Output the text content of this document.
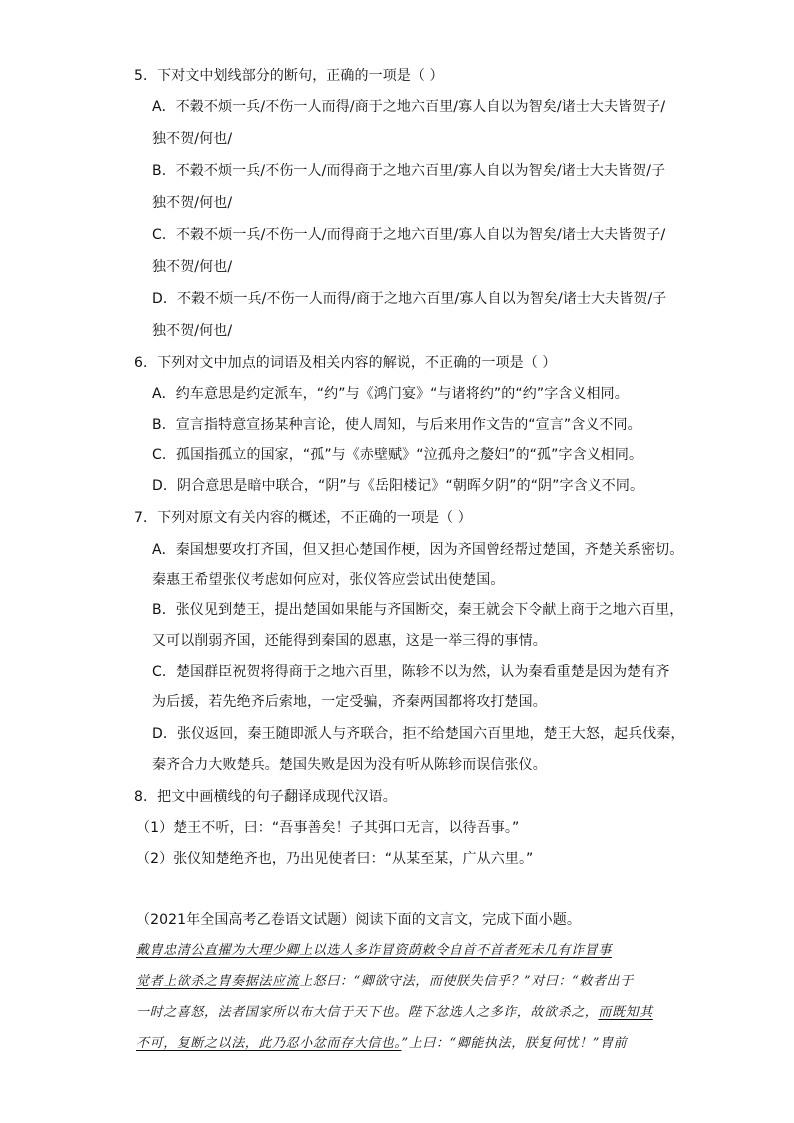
5．下对文中划线部分的断句，正确的一项是（ ）
A．不穀不烦一兵/不伤一人而得/商于之地六百里/寡人自以为智矣/诸士大夫皆贺子/
独不贺/何也/
B．不穀不烦一兵/不伤一人/而得商于之地六百里/寡人自以为智矣/诸士大夫皆贺/子
独不贺/何也/
C．不穀不烦一兵/不伤一人/而得商于之地六百里/寡人自以为智矣/诸士大夫皆贺子/
独不贺/何也/
D．不穀不烦一兵/不伤一人而得/商于之地六百里/寡人自以为智矣/诸士大夫皆贺/子
独不贺/何也/
6．下列对文中加点的词语及相关内容的解说，不正确的一项是（ ）
A．约车意思是约定派车，“约”与《鸿门宴》“与诸将约”的“约”字含义相同。
B．宣言指特意宣扬某种言论，使人周知，与后来用作文告的“宣言”含义不同。
C．孤国指孤立的国家，“孤”与《赤壁赋》“泣孤舟之嫠妇”的“孤”字含义相同。
D．阴合意思是暗中联合，“阴”与《岳阳楼记》“朝晖夕阴”的“阴”字含义不同。
7．下列对原文有关内容的概述，不正确的一项是（ ）
A．秦国想要攻打齐国，但又担心楚国作梗，因为齐国曾经帮过楚国，齐楚关系密切。
秦惠王希望张仪考虑如何应对，张仪答应尝试出使楚国。
B．张仪见到楚王，提出楚国如果能与齐国断交，秦王就会下令献上商于之地六百里，
又可以削弱齐国，还能得到秦国的恩惠，这是一举三得的事情。
C．楚国群臣祝贺将得商于之地六百里，陈轸不以为然，认为秦看重楚是因为楚有齐
为后援，若先绝齐后索地，一定受骗，齐秦两国都将攻打楚国。
D．张仪返回，秦王随即派人与齐联合，拒不给楚国六百里地，楚王大怒，起兵伐秦，
秦齐合力大败楚兵。楚国失败是因为没有听从陈轸而误信张仪。
8．把文中画横线的句子翻译成现代汉语。
（1）楚王不听，曰：“吾事善矣！子其弭口无言，以待吾事。”
（2）张仪知楚绝齐也，乃出见使者曰：“从某至某，广从六里。”
（2021年全国高考乙卷语文试题）阅读下面的文言文，完成下面小题。
戴胄忠清公直擢为大理少卿上以选人多诈冒资荫敕令自首不首者死未几有诈冒事
觉者上欲杀之胄奏据法应流上怒曰：“卿欲守法，而使朕失信乎？”对曰：“敕者出于
一时之喜怒，法者国家所以布大信于天下也。陛下忿选人之多诈，故欲杀之，而既知其
不可，复断之以法，此乃忍小忿而存大信也。”上曰：“卿能执法，朕复何忧！”胄前
